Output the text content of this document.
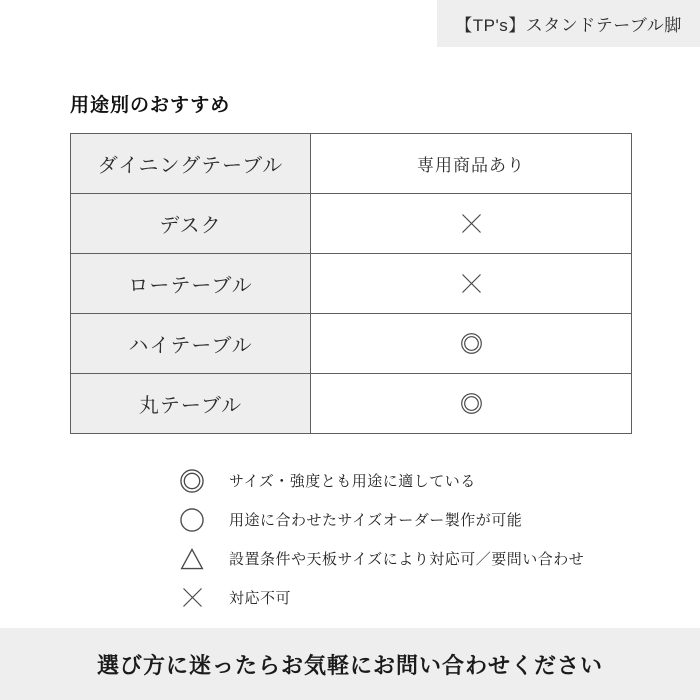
【TP's】スタンドテーブル脚
用途別のおすすめ
ダイニングテーブル	専用商品あり
デスク
ローテーブル
ハイテーブル
丸テーブル
サイズ・強度とも用途に適している
用途に合わせたサイズオーダー製作が可能
設置条件や天板サイズにより対応可／要問い合わせ
対応不可
選び方に迷ったらお気軽にお問い合わせください
